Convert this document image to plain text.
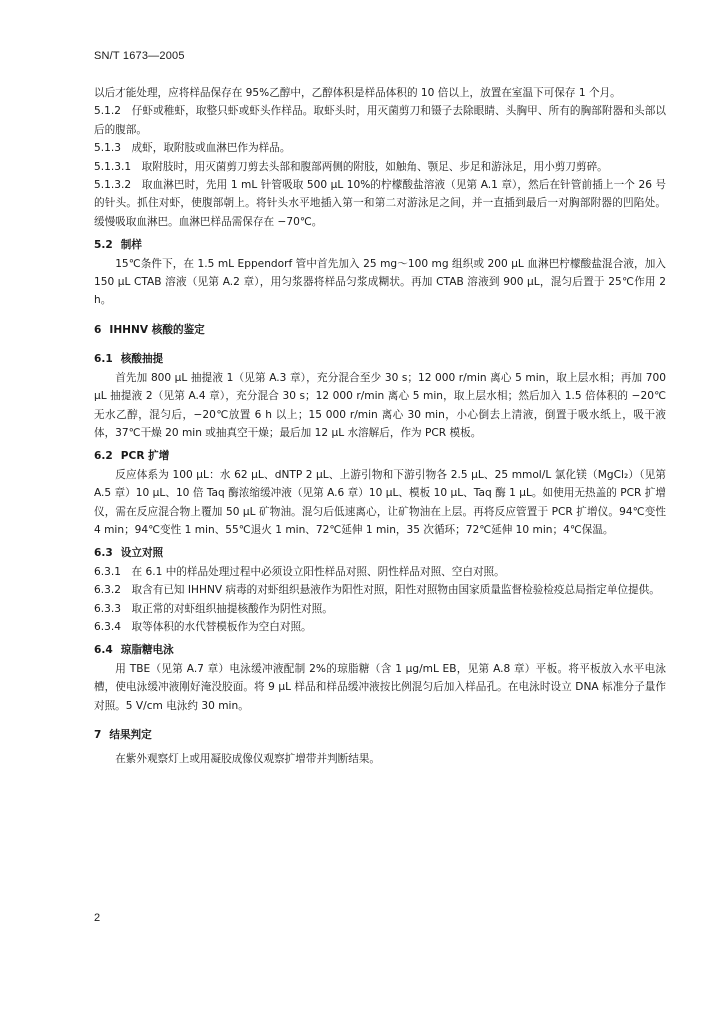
SN/T 1673—2005

以后才能处理，应将样品保存在 95%乙醇中，乙醇体积是样品体积的 10 倍以上，放置在室温下可保存 1 个月。

5.1.2　仔虾或稚虾，取整只虾或虾头作样品。取虾头时，用灭菌剪刀和镊子去除眼睛、头胸甲、所有的胸部附器和头部以后的腹部。

5.1.3　成虾，取附肢或血淋巴作为样品。

5.1.3.1　取附肢时，用灭菌剪刀剪去头部和腹部两侧的附肢，如触角、颚足、步足和游泳足，用小剪刀剪碎。

5.1.3.2　取血淋巴时，先用 1 mL 针管吸取 500 μL 10%的柠檬酸盐溶液（见第 A.1 章），然后在针管前插上一个 26 号的针头。抓住对虾，使腹部朝上。将针头水平地插入第一和第二对游泳足之间，并一直插到最后一对胸部附器的凹陷处。缓慢吸取血淋巴。血淋巴样品需保存在 −70℃。

5.2 制样

15℃条件下，在 1.5 mL Eppendorf 管中首先加入 25 mg～100 mg 组织或 200 μL 血淋巴柠檬酸盐混合液，加入 150 μL CTAB 溶液（见第 A.2 章），用匀浆器将样品匀浆成糊状。再加 CTAB 溶液到 900 μL，混匀后置于 25℃作用 2 h。

6 IHHNV 核酸的鉴定

6.1 核酸抽提

首先加 800 μL 抽提液 1（见第 A.3 章），充分混合至少 30 s；12 000 r/min 离心 5 min，取上层水相；再加 700 μL 抽提液 2（见第 A.4 章），充分混合 30 s；12 000 r/min 离心 5 min，取上层水相；然后加入 1.5 倍体积的 −20℃无水乙醇，混匀后，−20℃放置 6 h 以上；15 000 r/min 离心 30 min，小心倒去上清液，倒置于吸水纸上，吸干液体，37℃干燥 20 min 或抽真空干燥；最后加 12 μL 水溶解后，作为 PCR 模板。

6.2 PCR 扩增

反应体系为 100 μL：水 62 μL、dNTP 2 μL、上游引物和下游引物各 2.5 μL、25 mmol/L 氯化镁（MgCl₂）（见第 A.5 章）10 μL、10 倍 Taq 酶浓缩缓冲液（见第 A.6 章）10 μL、模板 10 μL、Taq 酶 1 μL。如使用无热盖的 PCR 扩增仪，需在反应混合物上覆加 50 μL 矿物油。混匀后低速离心，让矿物油在上层。再将反应管置于 PCR 扩增仪。94℃变性 4 min；94℃变性 1 min、55℃退火 1 min、72℃延伸 1 min，35 次循环；72℃延伸 10 min；4℃保温。

6.3 设立对照

6.3.1　在 6.1 中的样品处理过程中必须设立阳性样品对照、阴性样品对照、空白对照。

6.3.2　取含有已知 IHHNV 病毒的对虾组织悬液作为阳性对照，阳性对照物由国家质量监督检验检疫总局指定单位提供。

6.3.3　取正常的对虾组织抽提核酸作为阴性对照。

6.3.4　取等体积的水代替模板作为空白对照。

6.4 琼脂糖电泳

用 TBE（见第 A.7 章）电泳缓冲液配制 2%的琼脂糖（含 1 μg/mL EB，见第 A.8 章）平板。将平板放入水平电泳槽，使电泳缓冲液刚好淹没胶面。将 9 μL 样品和样品缓冲液按比例混匀后加入样品孔。在电泳时设立 DNA 标准分子量作对照。5 V/cm 电泳约 30 min。

7 结果判定

在紫外观察灯上或用凝胶成像仪观察扩增带并判断结果。

2
